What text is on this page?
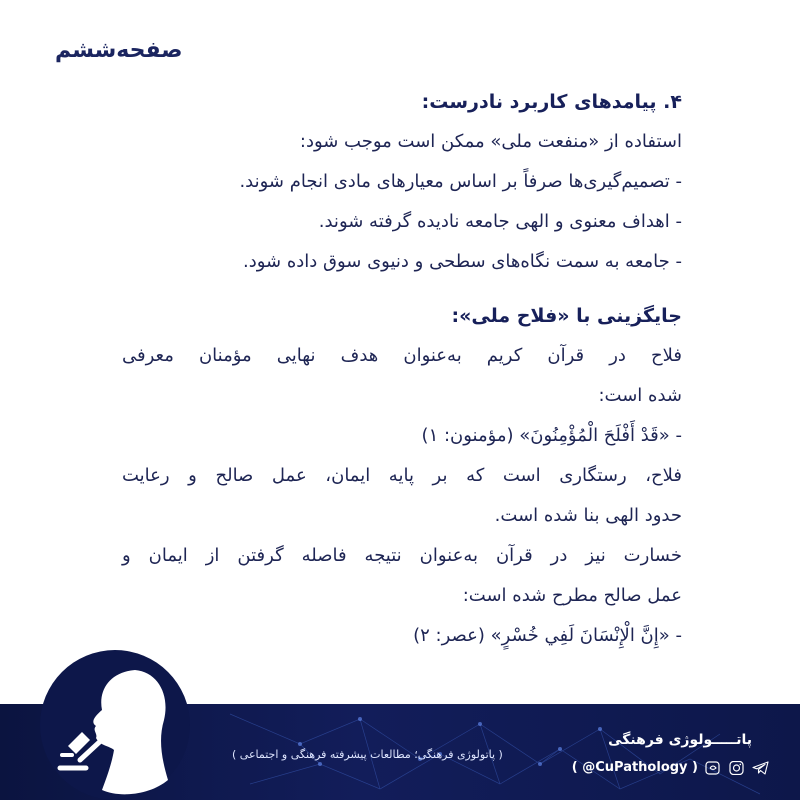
صفحه‌ششم
۴. پیامدهای کاربرد نادرست:
استفاده از «منفعت ملی» ممکن است موجب شود:
- تصمیم‌گیری‌ها صرفاً بر اساس معیارهای مادی انجام شوند.
- اهداف معنوی و الهی جامعه نادیده گرفته شوند.
- جامعه به سمت نگاه‌های سطحی و دنیوی سوق داده شود.
جایگزینی با «فلاح ملی»:
فلاح در قرآن کریم به‌عنوان هدف نهایی مؤمنان معرفی
شده است:
- «قَدْ أَفْلَحَ الْمُؤْمِنُونَ» (مؤمنون: ۱)
فلاح، رستگاری است که بر پایه ایمان، عمل صالح و رعایت
حدود الهی بنا شده است.
خسارت نیز در قرآن به‌عنوان نتیجه فاصله گرفتن از ایمان و
عمل صالح مطرح شده است:
- «إِنَّ الْإِنْسَانَ لَفِي خُسْرٍ» (عصر: ۲)
( پاتولوژی فرهنگی؛ مطالعات پیشرفته فرهنگی و اجتماعی )
پاتـــــولوژی فرهنگی
( @CuPathology )
